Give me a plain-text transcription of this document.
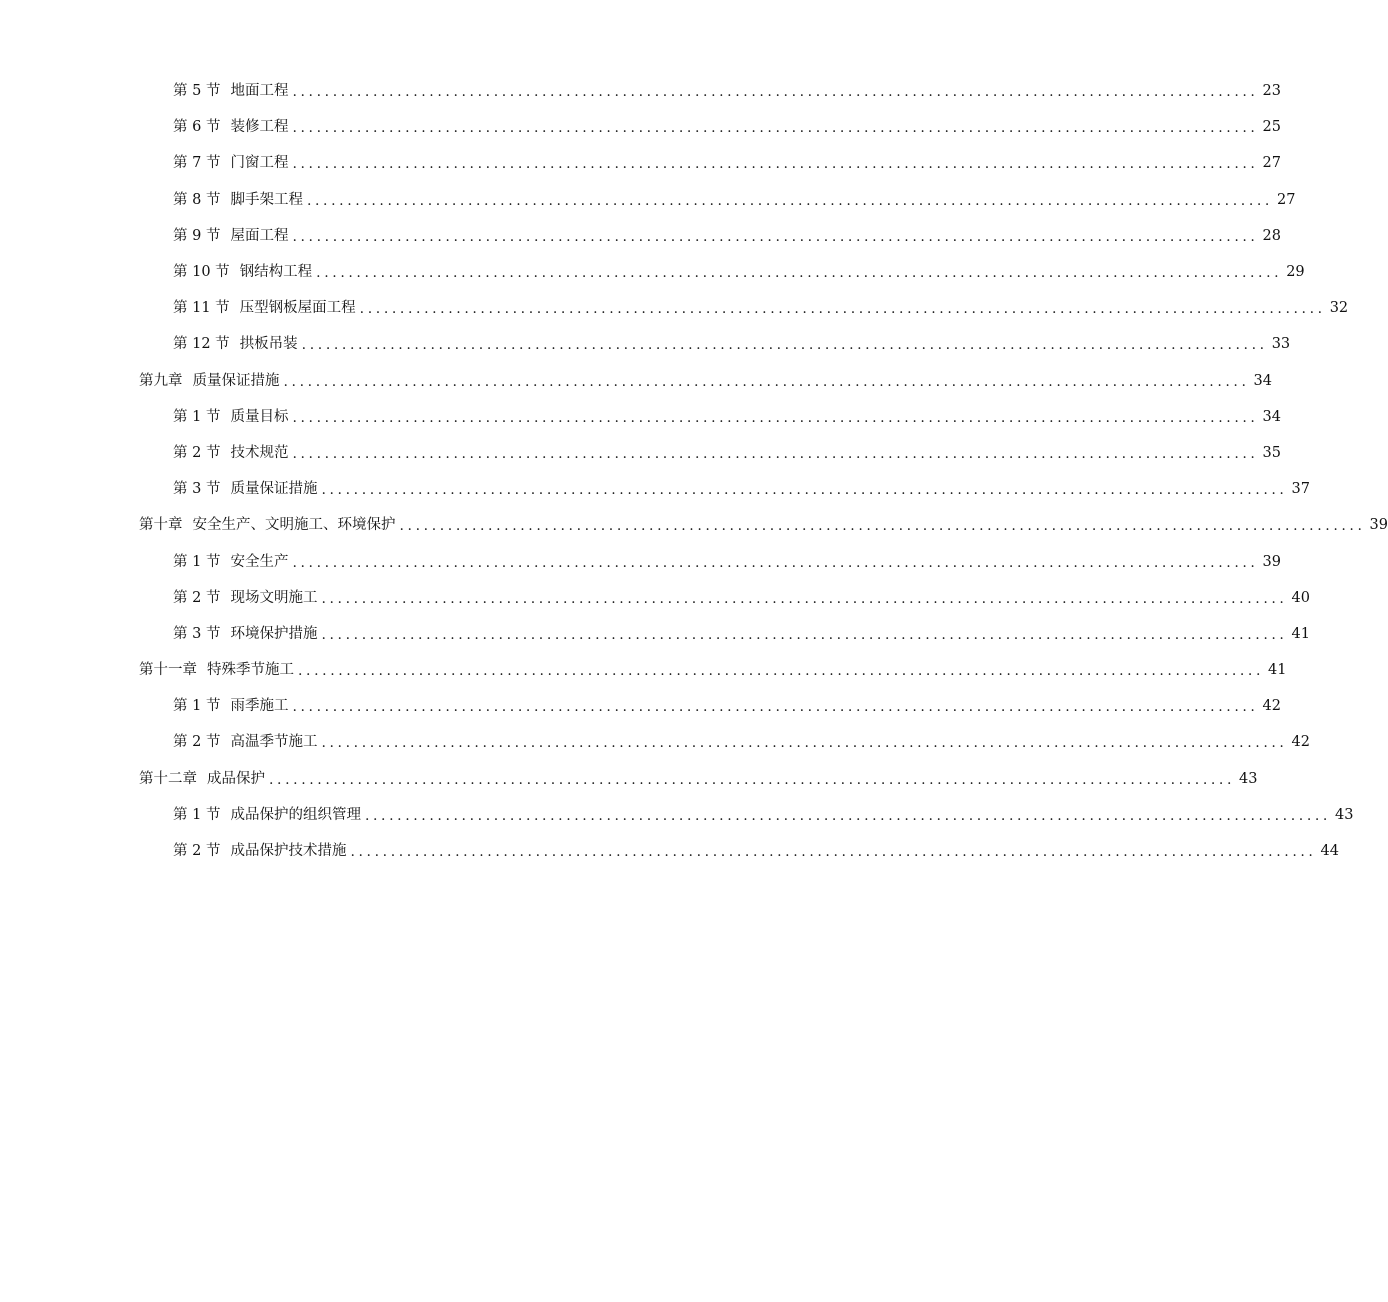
第 5 节 地面工程 ........................................................................................................................ 23
第 6 节 装修工程 ........................................................................................................................ 25
第 7 节 门窗工程 ........................................................................................................................ 27
第 8 节 脚手架工程 ........................................................................................................................ 27
第 9 节 屋面工程 ........................................................................................................................ 28
第 10 节 钢结构工程 ........................................................................................................................ 29
第 11 节 压型钢板屋面工程 ........................................................................................................................ 32
第 12 节 拱板吊装 ........................................................................................................................ 33
第九章 质量保证措施 ........................................................................................................................ 34
第 1 节 质量目标 ........................................................................................................................ 34
第 2 节 技术规范 ........................................................................................................................ 35
第 3 节 质量保证措施 ........................................................................................................................ 37
第十章 安全生产、文明施工、环境保护 ........................................................................................................................ 39
第 1 节 安全生产 ........................................................................................................................ 39
第 2 节 现场文明施工 ........................................................................................................................ 40
第 3 节 环境保护措施 ........................................................................................................................ 41
第十一章 特殊季节施工 ........................................................................................................................ 41
第 1 节 雨季施工 ........................................................................................................................ 42
第 2 节 高温季节施工 ........................................................................................................................ 42
第十二章 成品保护 ........................................................................................................................ 43
第 1 节 成品保护的组织管理 ........................................................................................................................ 43
第 2 节 成品保护技术措施 ........................................................................................................................ 44
